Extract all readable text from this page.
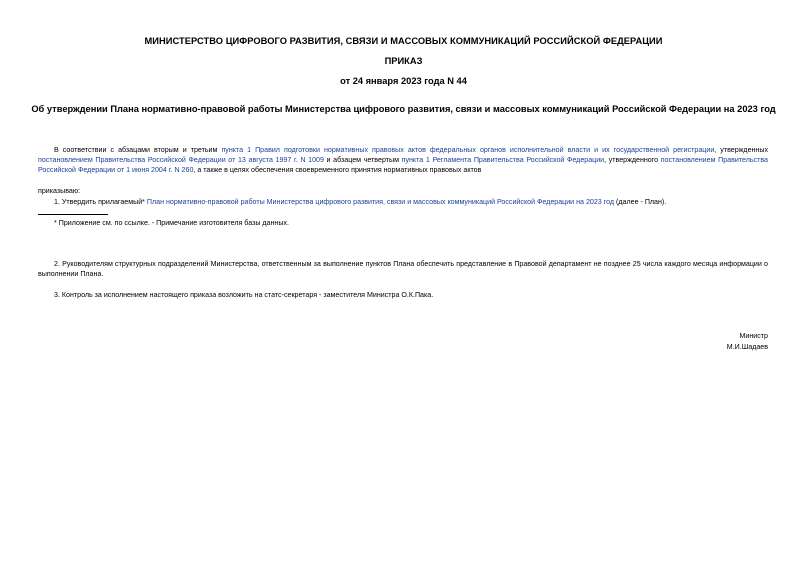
МИНИСТЕРСТВО ЦИФРОВОГО РАЗВИТИЯ, СВЯЗИ И МАССОВЫХ КОММУНИКАЦИЙ РОССИЙСКОЙ ФЕДЕРАЦИИ
ПРИКАЗ
от 24 января 2023 года N 44
Об утверждении Плана нормативно-правовой работы Министерства цифрового развития, связи и массовых коммуникаций Российской Федерации на 2023 год
В соответствии с абзацами вторым и третьим пункта 1 Правил подготовки нормативных правовых актов федеральных органов исполнительной власти и их государственной регистрации, утвержденных постановлением Правительства Российской Федерации от 13 августа 1997 г. N 1009 и абзацем четвертым пункта 1 Регламента Правительства Российской Федерации, утвержденного постановлением Правительства Российской Федерации от 1 июня 2004 г. N 260, а также в целях обеспечения своевременного принятия нормативных правовых актов
приказываю:
1. Утвердить прилагаемый* План нормативно-правовой работы Министерства цифрового развития, связи и массовых коммуникаций Российской Федерации на 2023 год (далее - План).
* Приложение см. по ссылке. - Примечание изготовителя базы данных.
2. Руководителям структурных подразделений Министерства, ответственным за выполнение пунктов Плана обеспечить представление в Правовой департамент не позднее 25 числа каждого месяца информации о выполнении Плана.
3. Контроль за исполнением настоящего приказа возложить на статс-секретаря - заместителя Министра О.К.Пака.
Министр
М.И.Шадаев
